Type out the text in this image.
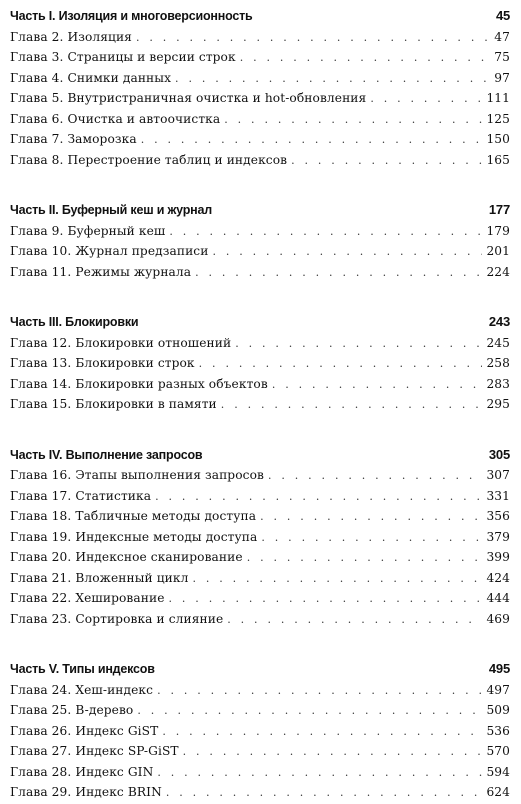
Часть I. Изоляция и многоверсионность	45
Глава 2. Изоляция . . .	47
Глава 3. Страницы и версии строк . . .	75
Глава 4. Снимки данных . . .	97
Глава 5. Внутристраничная очистка и hot-обновления . . .	111
Глава 6. Очистка и автоочистка . . .	125
Глава 7. Заморозка . . .	150
Глава 8. Перестроение таблиц и индексов . . .	165
Часть II. Буферный кеш и журнал	177
Глава 9. Буферный кеш . . .	179
Глава 10. Журнал предзаписи . . .	201
Глава 11. Режимы журнала . . .	224
Часть III. Блокировки	243
Глава 12. Блокировки отношений . . .	245
Глава 13. Блокировки строк . . .	258
Глава 14. Блокировки разных объектов . . .	283
Глава 15. Блокировки в памяти . . .	295
Часть IV. Выполнение запросов	305
Глава 16. Этапы выполнения запросов . . .	307
Глава 17. Статистика . . .	331
Глава 18. Табличные методы доступа . . .	356
Глава 19. Индексные методы доступа . . .	379
Глава 20. Индексное сканирование . . .	399
Глава 21. Вложенный цикл . . .	424
Глава 22. Хеширование . . .	444
Глава 23. Сортировка и слияние . . .	469
Часть V. Типы индексов	495
Глава 24. Хеш-индекс . . .	497
Глава 25. B-дерево . . .	509
Глава 26. Индекс GiST . . .	536
Глава 27. Индекс SP-GiST . . .	570
Глава 28. Индекс GIN . . .	594
Глава 29. Индекс BRIN . . .	624
